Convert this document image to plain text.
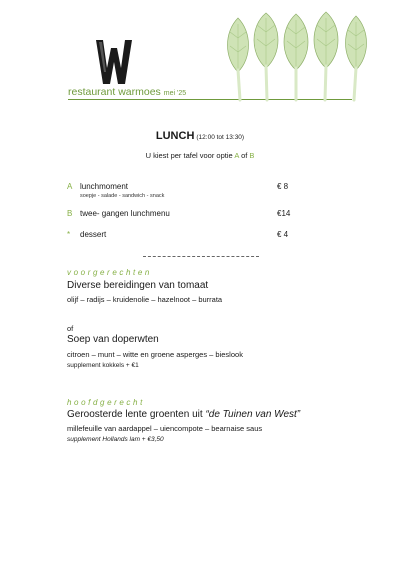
restaurant warmoes mei '25
LUNCH (12:00 tot 13:30)
U kiest per tafel voor optie A of B
A lunchmoment
soepje - salade - sandwich - snack
€ 8
B twee- gangen lunchmenu	€14
* dessert	€ 4
voorgerechten
Diverse bereidingen van tomaat
olijf – radijs – kruidenolie – hazelnoot – burrata
of
Soep van doperwten
citroen – munt – witte en groene asperges – bieslook
supplement kokkels + €1
hoofdgerecht
Geroosterde lente groenten uit “de Tuinen van West”
millefeuille van aardappel – uiencompote – bearnaise saus
supplement Hollands lam + €3,50
